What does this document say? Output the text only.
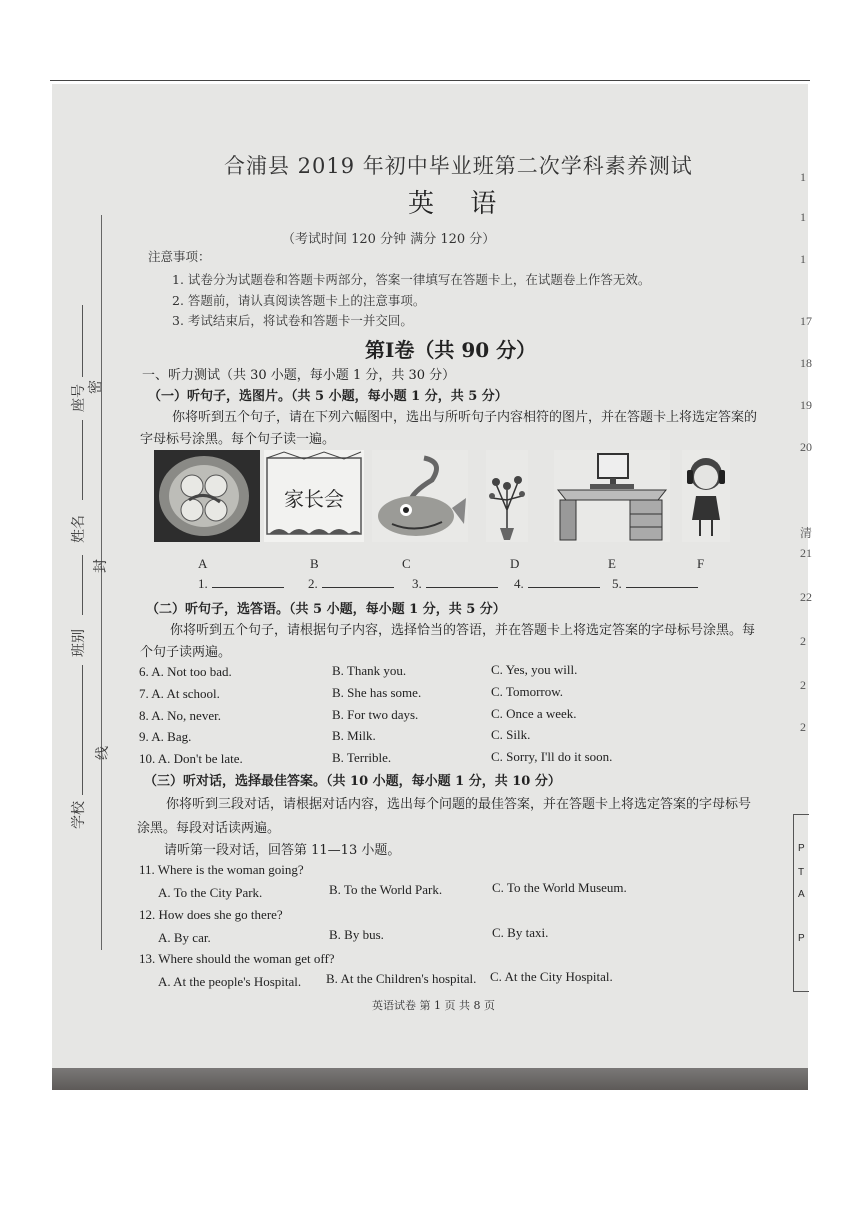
合浦县 2019 年初中毕业班第二次学科素养测试
英 语
（考试时间 120 分钟 满分 120 分）
注意事项：
1. 试卷分为试题卷和答题卡两部分，答案一律填写在答题卡上，在试题卷上作答无效。
2. 答题前，请认真阅读答题卡上的注意事项。
3. 考试结束后，将试卷和答题卡一并交回。
第Ⅰ卷（共 90 分）
一、听力测试（共 30 小题，每小题 1 分，共 30 分）
（一）听句子，选图片。（共 5 小题，每小题 1 分，共 5 分）
你将听到五个句子，请在下列六幅图中，选出与所听句子内容相符的图片，并在答题卡上将选定答案的
字母标号涂黑。每个句子读一遍。
家长会
A	B	C	D	E	F
1.	2.	3.	4.	5.
（二）听句子，选答语。（共 5 小题，每小题 1 分，共 5 分）
你将听到五个句子，请根据句子内容，选择恰当的答语，并在答题卡上将选定答案的字母标号涂黑。每
个句子读两遍。
6. A. Not too bad.	B. Thank you.	C. Yes, you will.
7. A. At school.	B. She has some.	C. Tomorrow.
8. A. No, never.	B. For two days.	C. Once a week.
9. A. Bag.	B. Milk.	C. Silk.
10. A. Don't be late.	B. Terrible.	C. Sorry, I'll do it soon.
（三）听对话，选择最佳答案。（共 10 小题，每小题 1 分，共 10 分）
你将听到三段对话，请根据对话内容，选出每个问题的最佳答案，并在答题卡上将选定答案的字母标号
涂黑。每段对话读两遍。
请听第一段对话，回答第 11—13 小题。
11. Where is the woman going?
A. To the City Park.	B. To the World Park.	C. To the World Museum.
12. How does she go there?
A. By car.	B. By bus.	C. By taxi.
13. Where should the woman get off?
A. At the people's Hospital. B. At the Children's hospital. C. At the City Hospital.
英语试卷 第 1 页 共 8 页
座号 密
姓名
封
班别
线
学校
1
1
1
17
18
19
20
清
21
22
2
2
2
P
T
A
P
